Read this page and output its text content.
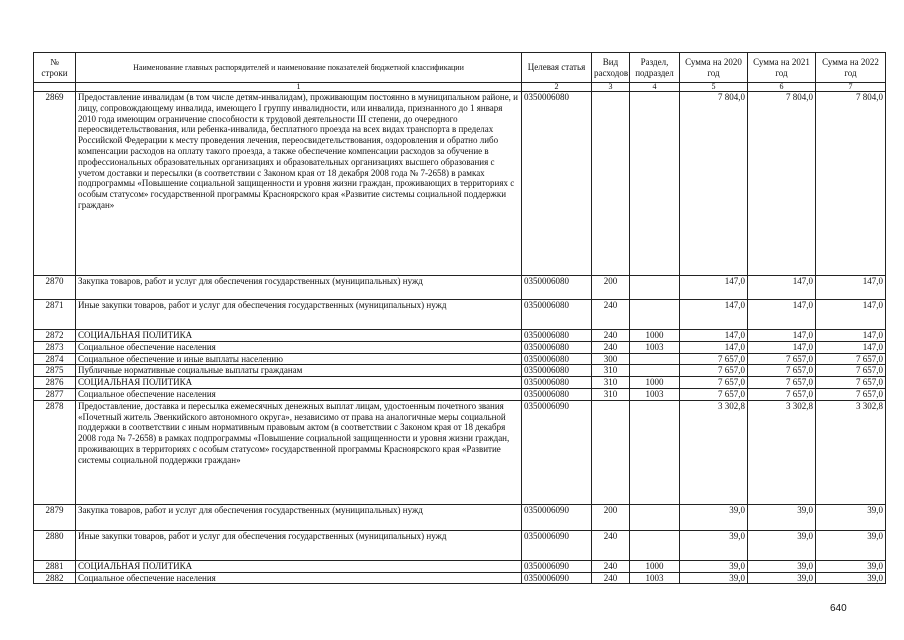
№ строки	Наименование главных распорядителей и наименование показателей бюджетной классификации	Целевая статья	Вид расходов	Раздел, подраздел	Сумма на 2020 год	Сумма на 2021 год	Сумма на 2022 год
	1	2	3	4	5	6	7
2869	Предоставление инвалидам (в том числе детям-инвалидам), проживающим постоянно в муниципальном районе, и лицу, сопровождающему инвалида, имеющего I группу инвалидности, или инвалида, признанного до 1 января 2010 года имеющим ограничение способности к трудовой деятельности III степени, до очередного переосвидетельствования, или ребенка-инвалида, бесплатного проезда на всех видах транспорта в пределах Российской Федерации к месту проведения лечения, переосвидетельствования, оздоровления и обратно либо компенсации расходов на оплату такого проезда, а также обеспечение компенсации расходов за обучение в профессиональных образовательных организациях и образовательных организациях высшего образования с учетом доставки и пересылки (в соответствии с Законом края от 18 декабря 2008 года № 7-2658) в рамках подпрограммы «Повышение социальной защищенности и уровня жизни граждан, проживающих в территориях с особым статусом» государственной программы Красноярского края «Развитие системы социальной поддержки граждан»	0350006080			7 804,0	7 804,0	7 804,0
2870	Закупка товаров, работ и услуг для обеспечения государственных (муниципальных) нужд	0350006080	200		147,0	147,0	147,0
2871	Иные закупки товаров, работ и услуг для обеспечения государственных (муниципальных) нужд	0350006080	240		147,0	147,0	147,0
2872	СОЦИАЛЬНАЯ ПОЛИТИКА	0350006080	240	1000	147,0	147,0	147,0
2873	Социальное обеспечение населения	0350006080	240	1003	147,0	147,0	147,0
2874	Социальное обеспечение и иные выплаты населению	0350006080	300		7 657,0	7 657,0	7 657,0
2875	Публичные нормативные социальные выплаты гражданам	0350006080	310		7 657,0	7 657,0	7 657,0
2876	СОЦИАЛЬНАЯ ПОЛИТИКА	0350006080	310	1000	7 657,0	7 657,0	7 657,0
2877	Социальное обеспечение населения	0350006080	310	1003	7 657,0	7 657,0	7 657,0
2878	Предоставление, доставка и пересылка ежемесячных денежных выплат лицам, удостоенным почетного звания «Почетный житель Эвенкийского автономного округа», независимо от права на аналогичные меры социальной поддержки в соответствии с иным нормативным правовым актом (в соответствии с Законом края от 18 декабря 2008 года № 7-2658) в рамках подпрограммы «Повышение социальной защищенности и уровня жизни граждан, проживающих в территориях с особым статусом» государственной программы Красноярского края «Развитие системы социальной поддержки граждан»	0350006090			3 302,8	3 302,8	3 302,8
2879	Закупка товаров, работ и услуг для обеспечения государственных (муниципальных) нужд	0350006090	200		39,0	39,0	39,0
2880	Иные закупки товаров, работ и услуг для обеспечения государственных (муниципальных) нужд	0350006090	240		39,0	39,0	39,0
2881	СОЦИАЛЬНАЯ ПОЛИТИКА	0350006090	240	1000	39,0	39,0	39,0
2882	Социальное обеспечение населения	0350006090	240	1003	39,0	39,0	39,0
640
